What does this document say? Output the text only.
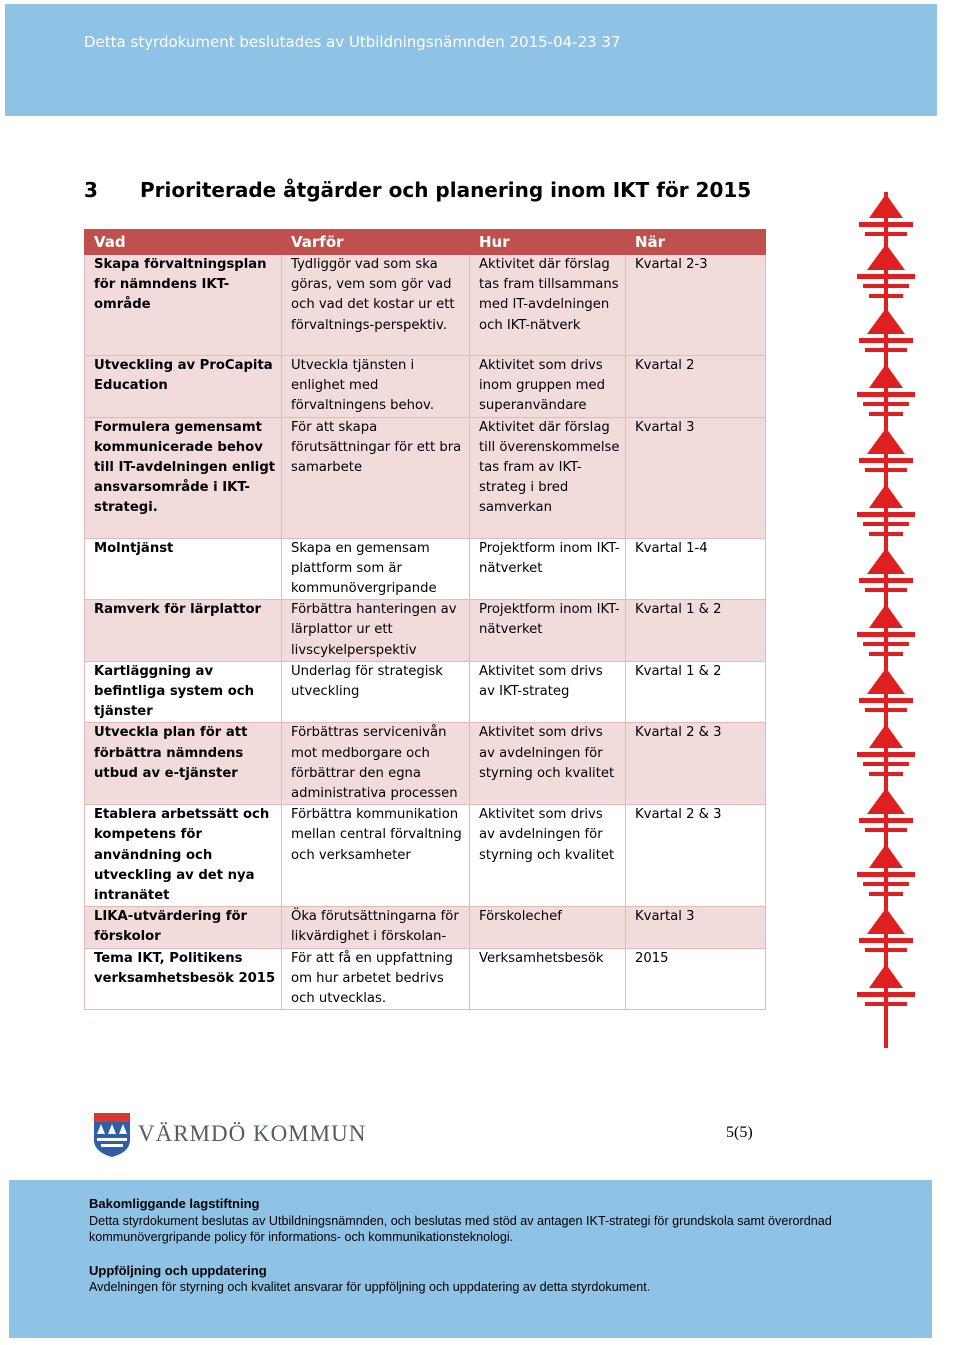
Detta styrdokument beslutades av Utbildningsnämnden 2015-04-23 37
3 Prioriterade åtgärder och planering inom IKT för 2015
Vad	Varför	Hur	När
Skapa förvaltningsplan för nämndens IKT-område	Tydliggör vad som ska göras, vem som gör vad och vad det kostar ur ett förvaltnings-perspektiv.	Aktivitet där förslag tas fram tillsammans med IT-avdelningen och IKT-nätverk	Kvartal 2-3
Utveckling av ProCapita Education	Utveckla tjänsten i enlighet med förvaltningens behov.	Aktivitet som drivs inom gruppen med superanvändare	Kvartal 2
Formulera gemensamt kommunicerade behov till IT-avdelningen enligt ansvarsområde i IKT-strategi.	För att skapa förutsättningar för ett bra samarbete	Aktivitet där förslag till överenskommelse tas fram av IKT-strateg i bred samverkan	Kvartal 3
Molntjänst	Skapa en gemensam plattform som är kommunövergripande	Projektform inom IKT-nätverket	Kvartal 1-4
Ramverk för lärplattor	Förbättra hanteringen av lärplattor ur ett livscykelperspektiv	Projektform inom IKT-nätverket	Kvartal 1 & 2
Kartläggning av befintliga system och tjänster	Underlag för strategisk utveckling	Aktivitet som drivs av IKT-strateg	Kvartal 1 & 2
Utveckla plan för att förbättra nämndens utbud av e-tjänster	Förbättras servicenivån mot medborgare och förbättrar den egna administrativa processen	Aktivitet som drivs av avdelningen för styrning och kvalitet	Kvartal 2 & 3
Etablera arbetssätt och kompetens för användning och utveckling av det nya intranätet	Förbättra kommunikation mellan central förvaltning och verksamheter	Aktivitet som drivs av avdelningen för styrning och kvalitet	Kvartal 2 & 3
LIKA-utvärdering för förskolor	Öka förutsättningarna för likvärdighet i förskolan-	Förskolechef	Kvartal 3
Tema IKT, Politikens verksamhetsbesök 2015	För att få en uppfattning om hur arbetet bedrivs och utvecklas.	Verksamhetsbesök	2015
VÄRMDÖ KOMMUN	5(5)

Bakomliggande lagstiftning

Detta styrdokument beslutas av Utbildningsnämnden, och beslutas med stöd av antagen IKT-strategi för grundskola samt överordnad kommunövergripande policy för informations- och kommunikationsteknologi.

Uppföljning och uppdatering

Avdelningen för styrning och kvalitet ansvarar för uppföljning och uppdatering av detta styrdokument.
